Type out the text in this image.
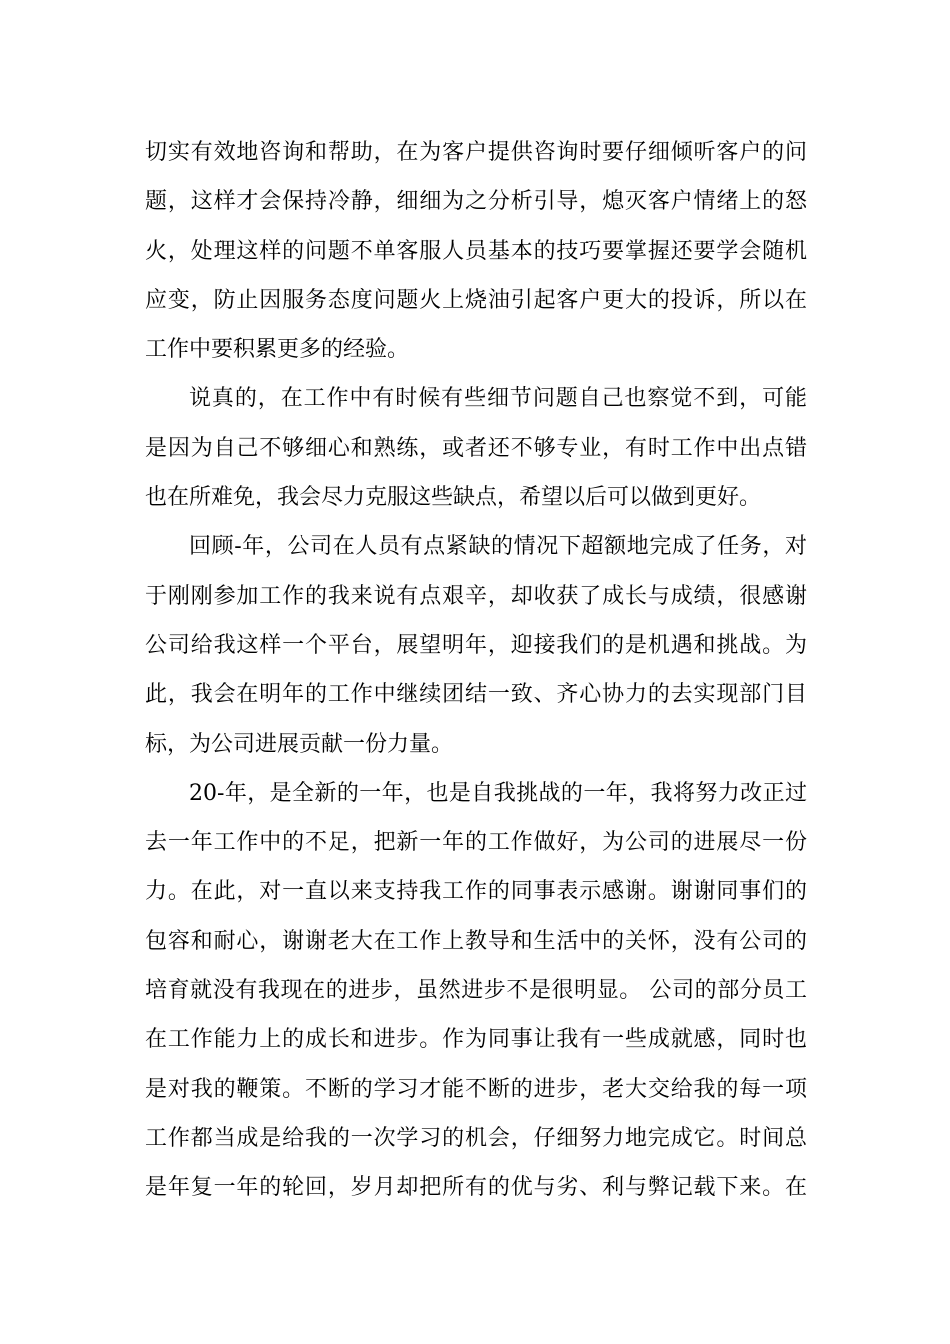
切实有效地咨询和帮助，在为客户提供咨询时要仔细倾听客户的问
题，这样才会保持冷静，细细为之分析引导，熄灭客户情绪上的怒
火，处理这样的问题不单客服人员基本的技巧要掌握还要学会随机
应变，防止因服务态度问题火上烧油引起客户更大的投诉，所以在
工作中要积累更多的经验。
说真的，在工作中有时候有些细节问题自己也察觉不到，可能
是因为自己不够细心和熟练，或者还不够专业，有时工作中出点错
也在所难免，我会尽力克服这些缺点，希望以后可以做到更好。
回顾-年，公司在人员有点紧缺的情况下超额地完成了任务，对
于刚刚参加工作的我来说有点艰辛，却收获了成长与成绩，很感谢
公司给我这样一个平台，展望明年，迎接我们的是机遇和挑战。为
此，我会在明年的工作中继续团结一致、齐心协力的去实现部门目
标，为公司进展贡献一份力量。
20-年，是全新的一年，也是自我挑战的一年，我将努力改正过
去一年工作中的不足，把新一年的工作做好，为公司的进展尽一份
力。在此，对一直以来支持我工作的同事表示感谢。谢谢同事们的
包容和耐心，谢谢老大在工作上教导和生活中的关怀，没有公司的
培育就没有我现在的进步，虽然进步不是很明显。 公司的部分员工
在工作能力上的成长和进步。作为同事让我有一些成就感，同时也
是对我的鞭策。不断的学习才能不断的进步，老大交给我的每一项
工作都当成是给我的一次学习的机会，仔细努力地完成它。时间总
是年复一年的轮回，岁月却把所有的优与劣、利与弊记载下来。在
